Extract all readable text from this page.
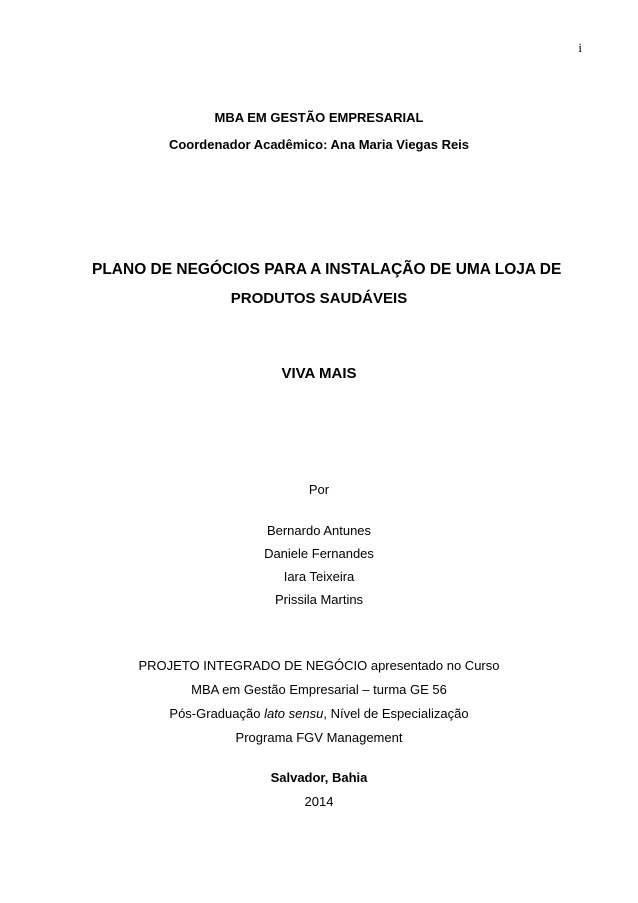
i
MBA EM GESTÃO EMPRESARIAL
Coordenador Acadêmico: Ana Maria Viegas Reis
PLANO DE NEGÓCIOS PARA A INSTALAÇÃO DE UMA LOJA DE
PRODUTOS SAUDÁVEIS
VIVA MAIS
Por
Bernardo Antunes
Daniele Fernandes
Iara Teixeira
Prissila Martins
PROJETO INTEGRADO DE NEGÓCIO apresentado no Curso
MBA em Gestão Empresarial – turma GE 56
Pós-Graduação lato sensu, Nível de Especialização
Programa FGV Management
Salvador, Bahia
2014
